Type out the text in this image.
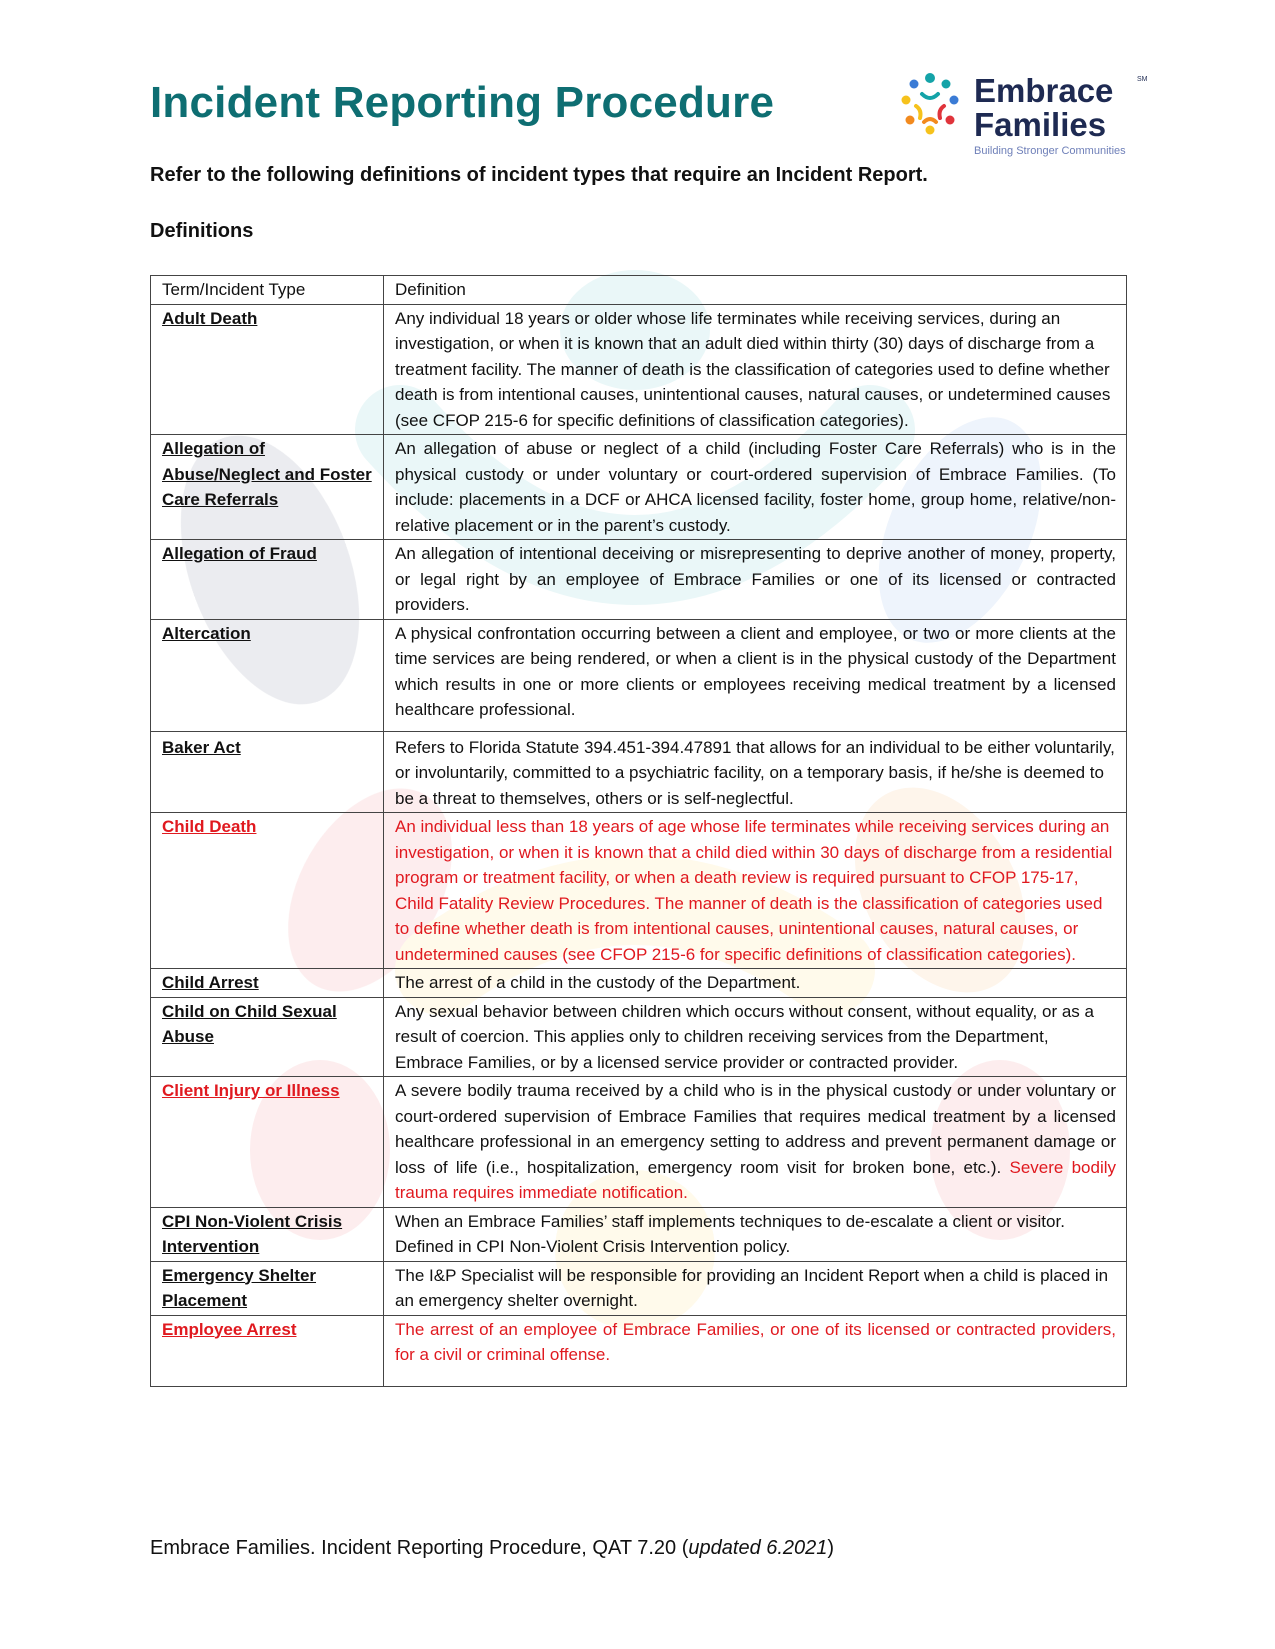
Incident Reporting Procedure	Embrace	SM
Families
Building Stronger Communities

Refer to the following definitions of incident types that require an Incident Report.

Definitions
Term/Incident Type	Definition
Adult Death	Any individual 18 years or older whose life terminates while receiving services, during an investigation, or when it is known that an adult died within thirty (30) days of discharge from a treatment facility. The manner of death is the classification of categories used to define whether death is from intentional causes, unintentional causes, natural causes, or undetermined causes (see CFOP 215-6 for specific definitions of classification categories).

Allegation of Abuse/Neglect and Foster Care Referrals	An allegation of abuse or neglect of a child (including Foster Care Referrals) who is in the physical custody or under voluntary or court-ordered supervision of Embrace Families. (To include: placements in a DCF or AHCA licensed facility, foster home, group home, relative/non-relative placement or in the parent’s custody.

Allegation of Fraud	An allegation of intentional deceiving or misrepresenting to deprive another of money, property, or legal right by an employee of Embrace Families or one of its licensed or contracted providers.

Altercation	A physical confrontation occurring between a client and employee, or two or more clients at the time services are being rendered, or when a client is in the physical custody of the Department which results in one or more clients or employees receiving medical treatment by a licensed healthcare professional.

Baker Act	Refers to Florida Statute 394.451-394.47891 that allows for an individual to be either voluntarily, or involuntarily, committed to a psychiatric facility, on a temporary basis, if he/she is deemed to be a threat to themselves, others or is self-neglectful.

Child Death	An individual less than 18 years of age whose life terminates while receiving services during an investigation, or when it is known that a child died within 30 days of discharge from a residential program or treatment facility, or when a death review is required pursuant to CFOP 175-17, Child Fatality Review Procedures. The manner of death is the classification of categories used to define whether death is from intentional causes, unintentional causes, natural causes, or undetermined causes (see CFOP 215-6 for specific definitions of classification categories).

Child Arrest	The arrest of a child in the custody of the Department.

Child on Child Sexual Abuse	Any sexual behavior between children which occurs without consent, without equality, or as a result of coercion. This applies only to children receiving services from the Department, Embrace Families, or by a licensed service provider or contracted provider.

Client Injury or Illness	A severe bodily trauma received by a child who is in the physical custody or under voluntary or court-ordered supervision of Embrace Families that requires medical treatment by a licensed healthcare professional in an emergency setting to address and prevent permanent damage or loss of life (i.e., hospitalization, emergency room visit for broken bone, etc.). Severe bodily trauma requires immediate notification.

CPI Non-Violent Crisis Intervention	When an Embrace Families’ staff implements techniques to de-escalate a client or visitor. Defined in CPI Non-Violent Crisis Intervention policy.

Emergency Shelter Placement	The I&P Specialist will be responsible for providing an Incident Report when a child is placed in an emergency shelter overnight.

Employee Arrest	The arrest of an employee of Embrace Families, or one of its licensed or contracted providers, for a civil or criminal offense.

Embrace Families. Incident Reporting Procedure, QAT 7.20 (updated 6.2021)
